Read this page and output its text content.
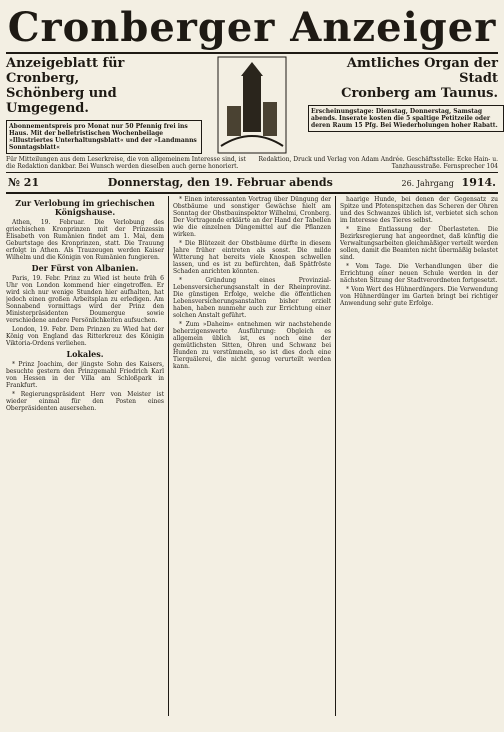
Cronberger Anzeiger
Anzeigeblatt für Cronberg,
Schönberg und Umgegend.
Abonnementspreis pro Monat nur 50 Pfennig frei ins Haus. Mit der belletristischen Wochenbeilage »Illustriertes Unterhaltungsblatt« und der »Landmanns Sonntagsblatt«
Amtliches Organ der Stadt
Cronberg am Taunus.
Erscheinungstage: Dienstag, Donnerstag, Samstag abends. Inserate kosten die 5 spaltige Petitzeile oder deren Raum 15 Pfg. Bei Wiederholungen hoher Rabatt.
Für Mitteilungen aus dem Leserkreise, die von allgemeinem Interesse sind, ist die Redaktion dankbar. Bei Wunsch werden dieselben auch gerne honoriert.
Redaktion, Druck und Verlag von Adam Andrée. Geschäftsstelle: Ecke Hain- u. Tanzhausstraße. Fernsprecher 104
№ 21	Donnerstag, den 19. Februar abends	26. Jahrgang 1914.
Zur Verlobung im griechischen Königshause.

Athen, 19. Februar. Die Verlobung des griechischen Kronprinzen mit der Prinzessin Elisabeth von Rumänien findet am 1. Mai, dem Geburtstage des Kronprinzen, statt. Die Trauung erfolgt in Athen. Als Trauzeugen werden Kaiser Wilhelm und die Königin von Rumänien fungieren.

Der Fürst von Albanien.

Paris, 19. Febr. Prinz zu Wied ist heute früh 6 Uhr von London kommend hier eingetroffen. Er wird sich nur wenige Stunden hier aufhalten, hat jedoch einen großen Arbeitsplan zu erledigen. Am Sonnabend vormittags wird der Prinz den Ministerpräsidenten Doumergue sowie verschiedene andere Persönlichkeiten aufsuchen.

London, 19. Febr. Dem Prinzen zu Wied hat der König von England das Ritterkreuz des Königin Viktoria-Ordens verliehen.

Lokales.

* Prinz Joachim, der jüngste Sohn des Kaisers, besuchte gestern den Prinzgemahl Friedrich Karl von Hessen in der Villa am Schloßpark in Frankfurt.

* Regierungspräsident Herr von Meister ist wieder einmal für den Posten eines Oberpräsidenten ausersehen.

* Einen interessanten Vortrag über Düngung der Obstbäume und sonstiger Gewächse hielt am Sonntag der Obstbauinspektor Wilhelmi, Cronberg. Der Vortragende erklärte an der Hand der Tabellen wie die einzelnen Düngemittel auf die Pflanzen wirken.

* Die Blütezeit der Obstbäume dürfte in diesem Jahre früher eintreten als sonst. Die milde Witterung hat bereits viele Knospen schwellen lassen, und es ist zu befürchten, daß Spätfröste Schaden anrichten könnten.

* Gründung eines Provinzial-Lebensversicherungsanstalt in der Rheinprovinz. Die günstigen Erfolge, welche die öffentlichen Lebensversicherungsanstalten bisher erzielt haben, haben nunmehr auch zur Errichtung einer solchen Anstalt geführt.

* Zum »Daheim« entnehmen wir nachstehende beherzigenswerte Ausführung: Obgleich es allgemein üblich ist, es noch eine der gemütlichsten Sitten, Ohren und Schwanz bei Hunden zu verstümmeln, so ist dies doch eine Tierquälerei, die nicht genug verurteilt werden kann.

haarige Hunde, bei denen der Gegensatz zu Spitze und Pfotenspitzchen das Scheren der Ohren und des Schwanzes üblich ist, verbietet sich schon im Interesse des Tieres selbst.

* Eine Entlassung der Überlasteten. Die Bezirksregierung hat angeordnet, daß künftig die Verwaltungsarbeiten gleichmäßiger verteilt werden sollen, damit die Beamten nicht übermäßig belastet sind.

* Vom Tage. Die Verhandlungen über die Errichtung einer neuen Schule werden in der nächsten Sitzung der Stadtverordneten fortgesetzt.

* Vom Wert des Hühnerdüngers. Die Verwendung von Hühnerdünger im Garten bringt bei richtiger Anwendung sehr gute Erfolge.
